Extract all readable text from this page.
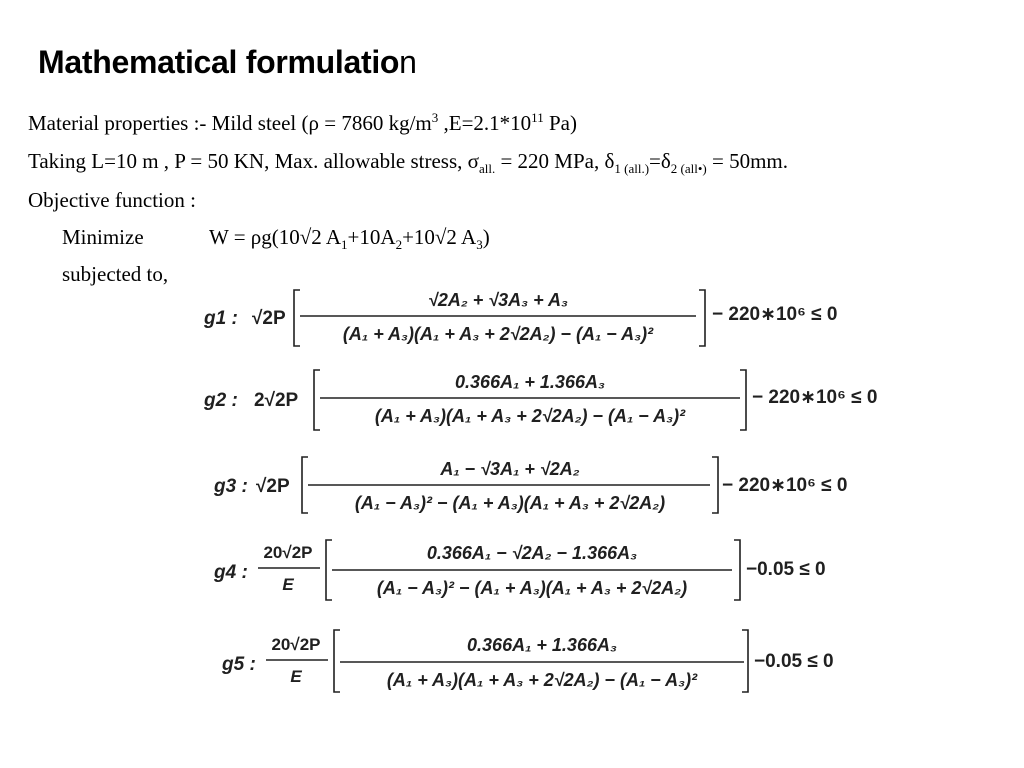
Mathematical formulation
Material properties :- Mild steel (ρ = 7860 $kg/m^3$ $,E=2.1*10^{11}$ Pa)
Taking L=10 m , P = 50 KN, Max. allowable stress, $\sigma_{all.} = 220$ MPa, $\delta_{1 (all.)}=\delta_{2 (all•)} = 50mm$.
Objective function :
Minimize	W = ρg(10√2 $A_1+10A_2+10√2$ $A_3$)
subjected to,
g1 : √2P
√2A₂ + √3A₃ + A₃
(A₁ + A₃)(A₁ + A₃ + 2√2A₂) − (A₁ − A₃)²
− 220∗10⁶ ≤ 0
g2 : 2√2P
0.366A₁ + 1.366A₃
(A₁ + A₃)(A₁ + A₃ + 2√2A₂) − (A₁ − A₃)²
− 220∗10⁶ ≤ 0
g3 : √2P
A₁ − √3A₁ + √2A₂
(A₁ − A₃)² − (A₁ + A₃)(A₁ + A₃ + 2√2A₂)
− 220∗10⁶ ≤ 0
g4 :
20√2P
E
0.366A₁ − √2A₂ − 1.366A₃
(A₁ − A₃)² − (A₁ + A₃)(A₁ + A₃ + 2√2A₂)
−0.05 ≤ 0
g5 :
20√2P
E
0.366A₁ + 1.366A₃
(A₁ + A₃)(A₁ + A₃ + 2√2A₂) − (A₁ − A₃)²
−0.05 ≤ 0
